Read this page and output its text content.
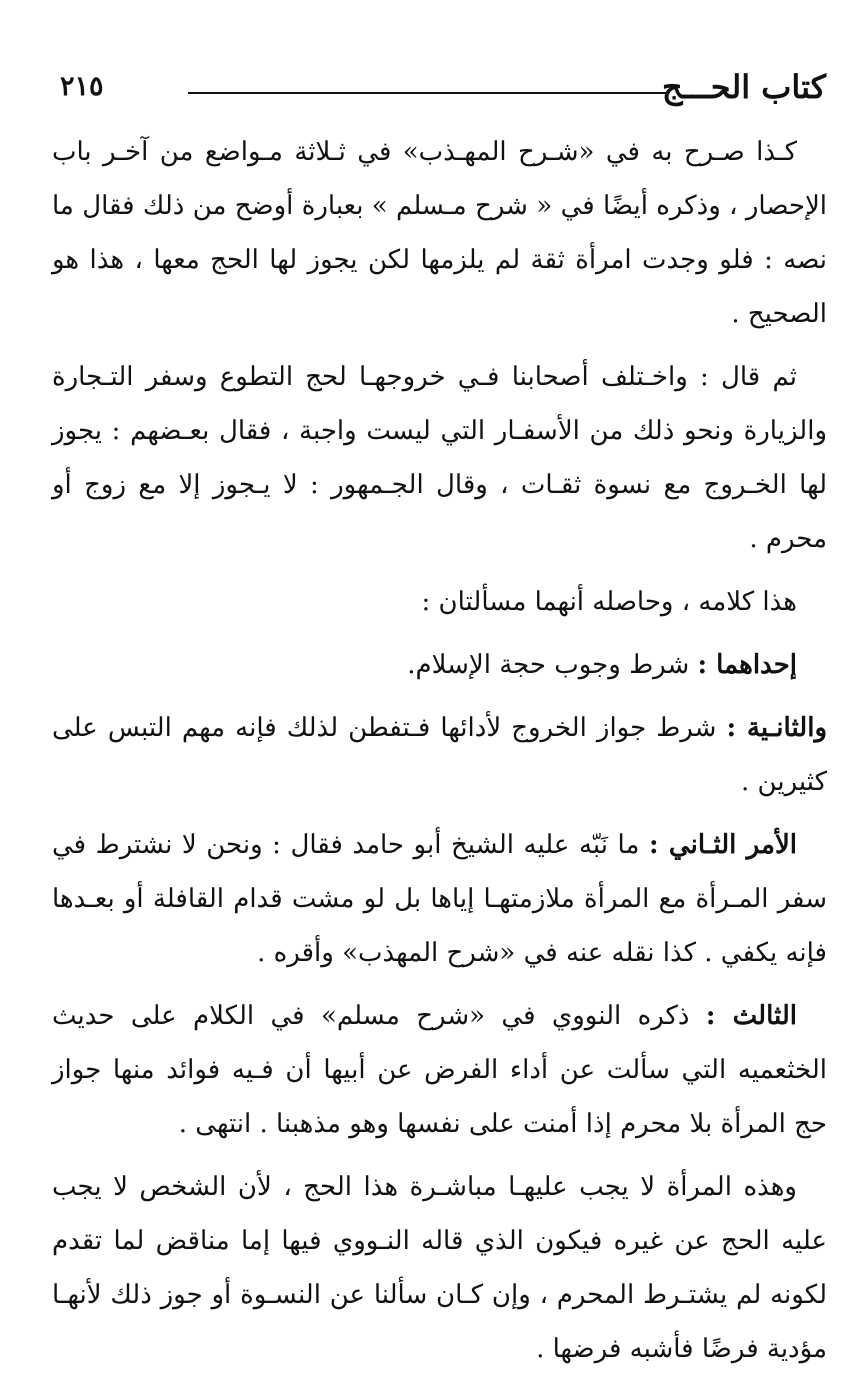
كتاب الحـــج
٢١٥

كـذا صـرح به في «شـرح المهـذب» في ثـلاثة مـواضع من آخـر باب الإحصار ، وذكره أيضًا في « شرح مـسلم » بعبارة أوضح من ذلك فقال ما نصه : فلو وجدت امرأة ثقة لم يلزمها لكن يجوز لها الحج معها ، هذا هو الصحيح .

ثم قال : واخـتلف أصحابنا فـي خروجهـا لحج التطوع وسفر التـجارة والزيارة ونحو ذلك من الأسفـار التي ليست واجبة ، فقال بعـضهم : يجوز لها الخـروج مع نسوة ثقـات ، وقال الجـمهور : لا يـجوز إلا مع زوج أو محرم .

هذا كلامه ، وحاصله أنهما مسألتان :

إحداهما : شرط وجوب حجة الإسلام.

والثانـية : شرط جواز الخروج لأدائها فـتفطن لذلك فإنه مهم التبس على كثيرين .

الأمر الثـاني : ما نَبّه عليه الشيخ أبو حامد فقال : ونحن لا نشترط في سفر المـرأة مع المرأة ملازمتهـا إياها بل لو مشت قدام القافلة أو بعـدها فإنه يكفي . كذا نقله عنه في «شرح المهذب» وأقره .

الثالث : ذكره النووي في «شرح مسلم» في الكلام على حديث الخثعميه التي سألت عن أداء الفرض عن أبيها أن فـيه فوائد منها جواز حج المرأة بلا محرم إذا أمنت على نفسها وهو مذهبنا . انتهى .

وهذه المرأة لا يجب عليهـا مباشـرة هذا الحج ، لأن الشخص لا يجب عليه الحج عن غيره فيكون الذي قاله النـووي فيها إما مناقض لما تقدم لكونه لم يشتـرط المحرم ، وإن كـان سألنا عن النسـوة أو جوز ذلك لأنهـا مؤدية فرضًا فأشبه فرضها .
